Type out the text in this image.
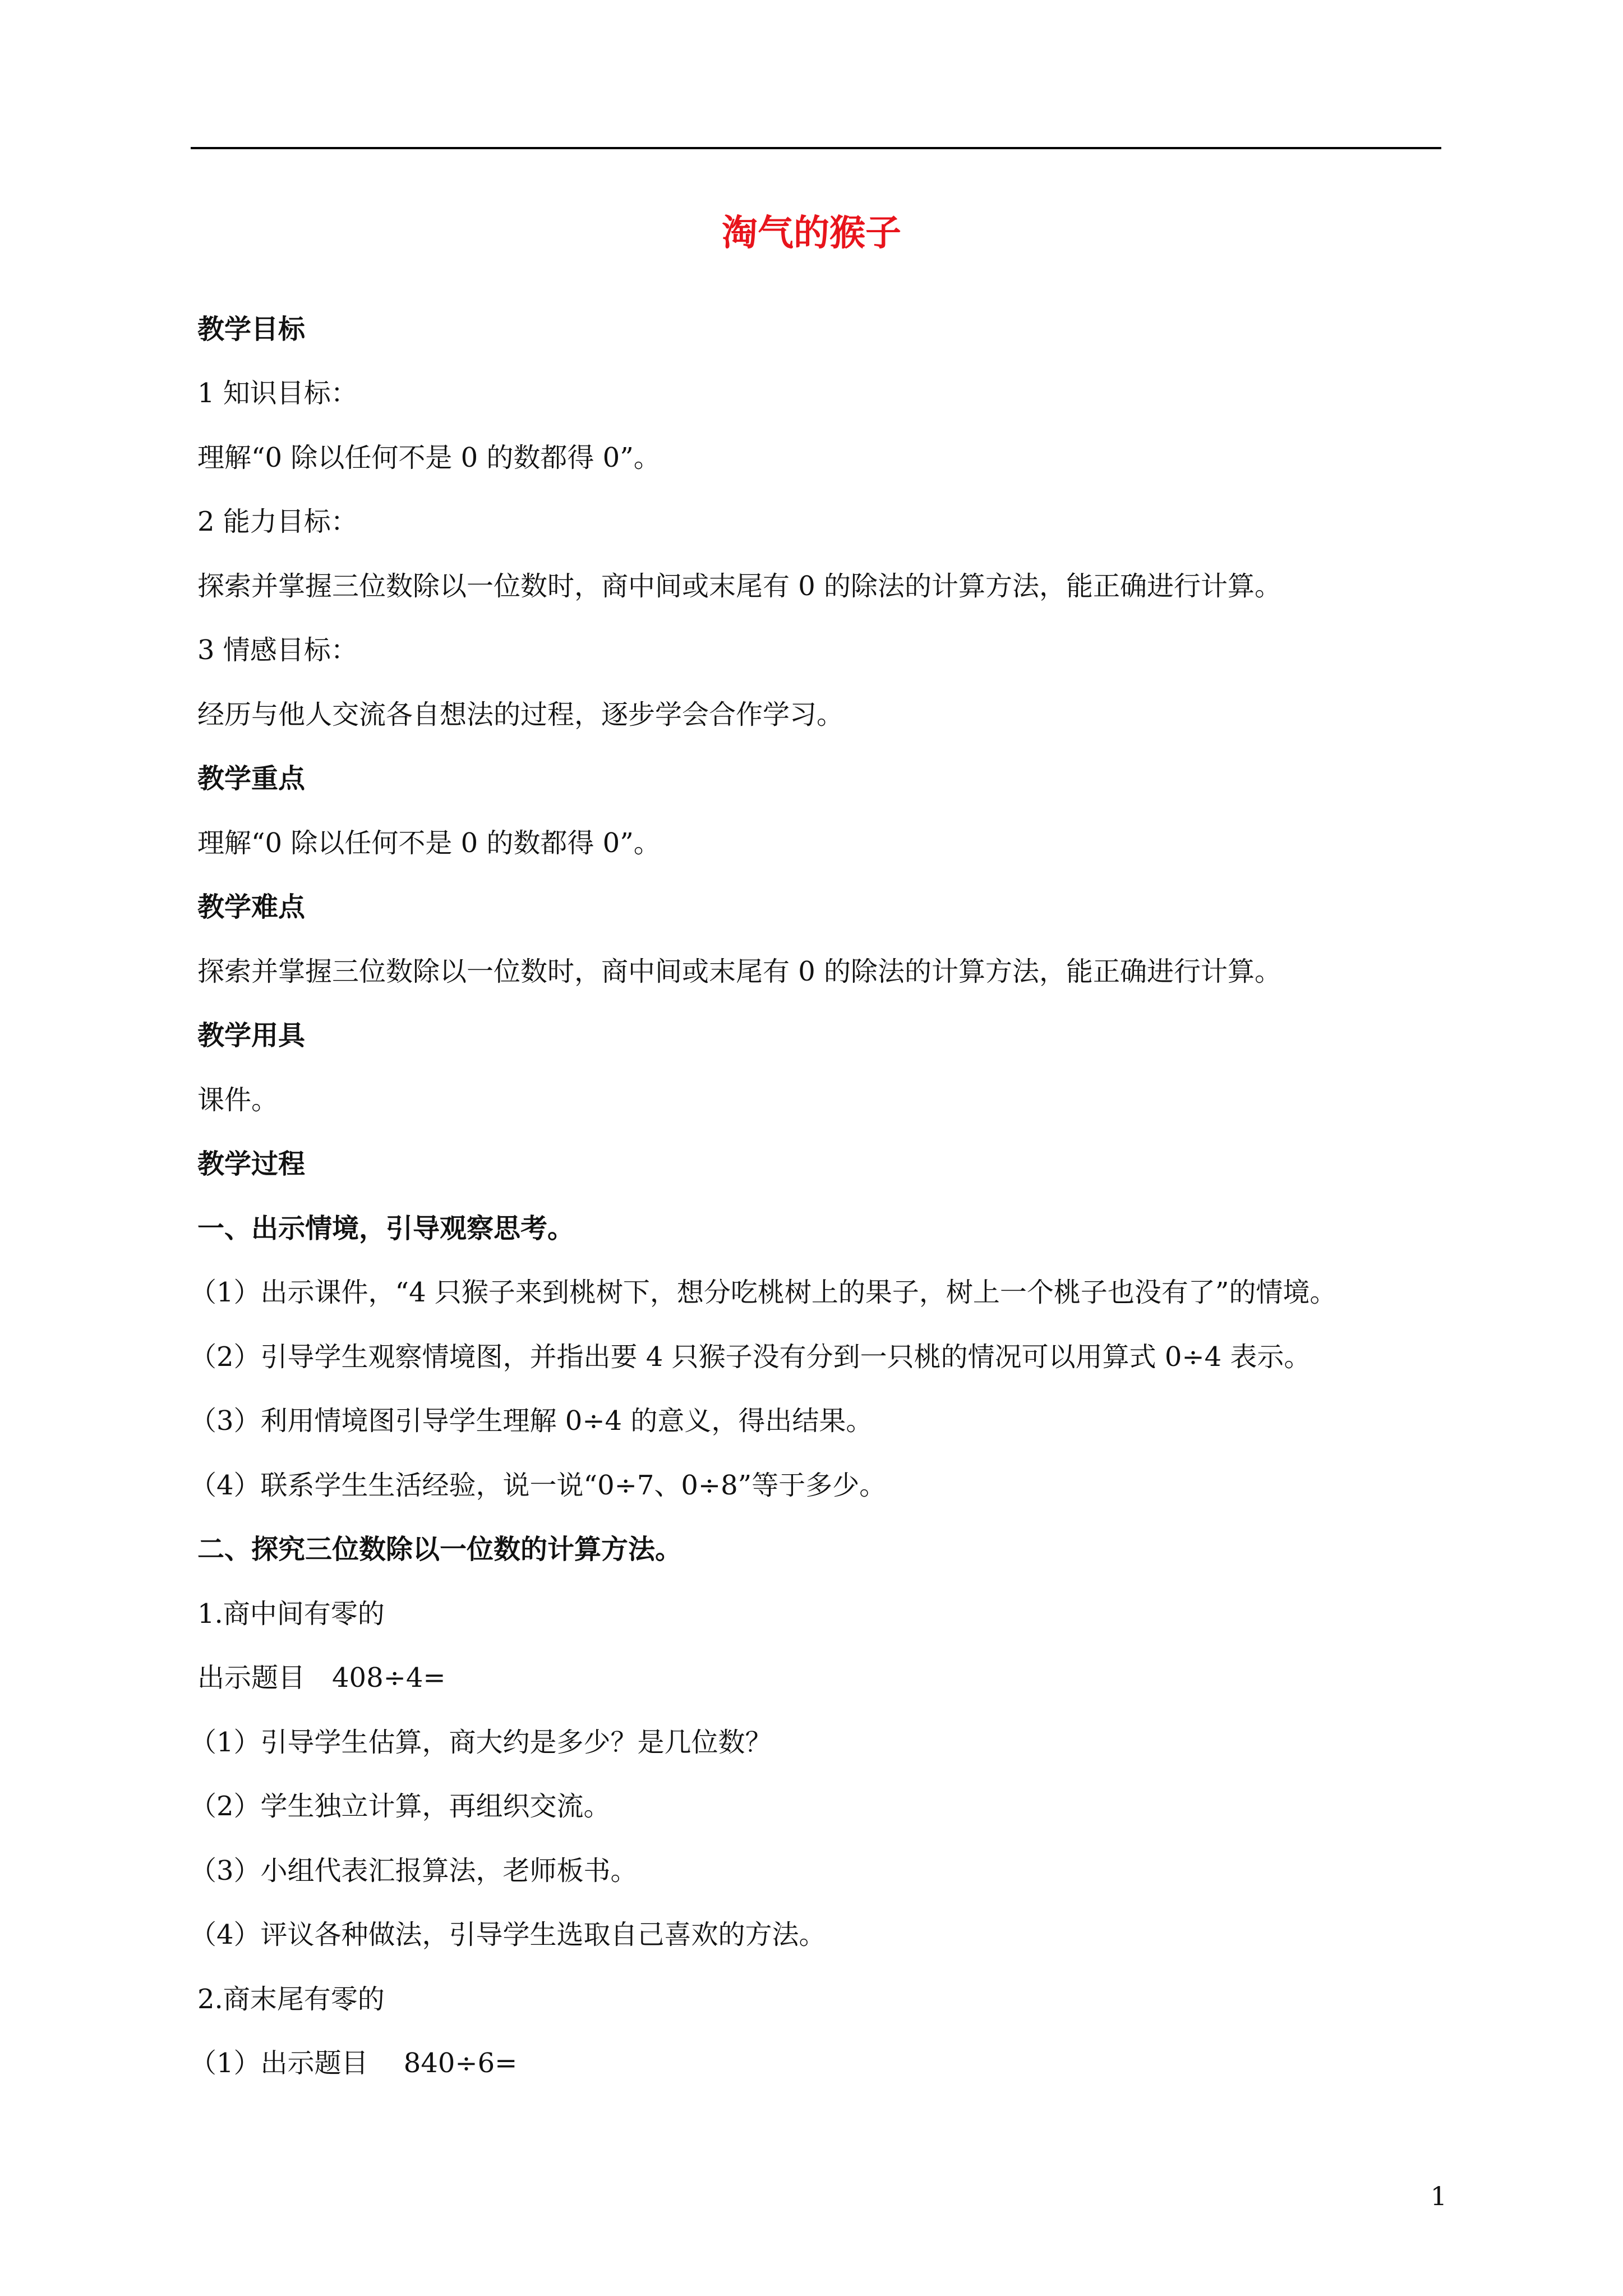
淘气的猴子
教学目标
1 知识目标：
理解“0 除以任何不是 0 的数都得 0”。
2 能力目标：
探索并掌握三位数除以一位数时，商中间或末尾有 0 的除法的计算方法，能正确进行计算。
3 情感目标：
经历与他人交流各自想法的过程，逐步学会合作学习。
教学重点
理解“0 除以任何不是 0 的数都得 0”。
教学难点
探索并掌握三位数除以一位数时，商中间或末尾有 0 的除法的计算方法，能正确进行计算。
教学用具
课件。
教学过程
一、出示情境，引导观察思考。
（1）出示课件，“4 只猴子来到桃树下，想分吃桃树上的果子，树上一个桃子也没有了”的情境。
（2）引导学生观察情境图，并指出要 4 只猴子没有分到一只桃的情况可以用算式 0÷4 表示。
（3）利用情境图引导学生理解 0÷4 的意义，得出结果。
（4）联系学生生活经验，说一说“0÷7、0÷8”等于多少。
二、探究三位数除以一位数的计算方法。
1.商中间有零的
出示题目　408÷4=
（1）引导学生估算，商大约是多少？是几位数？
（2）学生独立计算，再组织交流。
（3）小组代表汇报算法，老师板书。
（4）评议各种做法，引导学生选取自己喜欢的方法。
2.商末尾有零的
（1）出示题目　 840÷6=
1
